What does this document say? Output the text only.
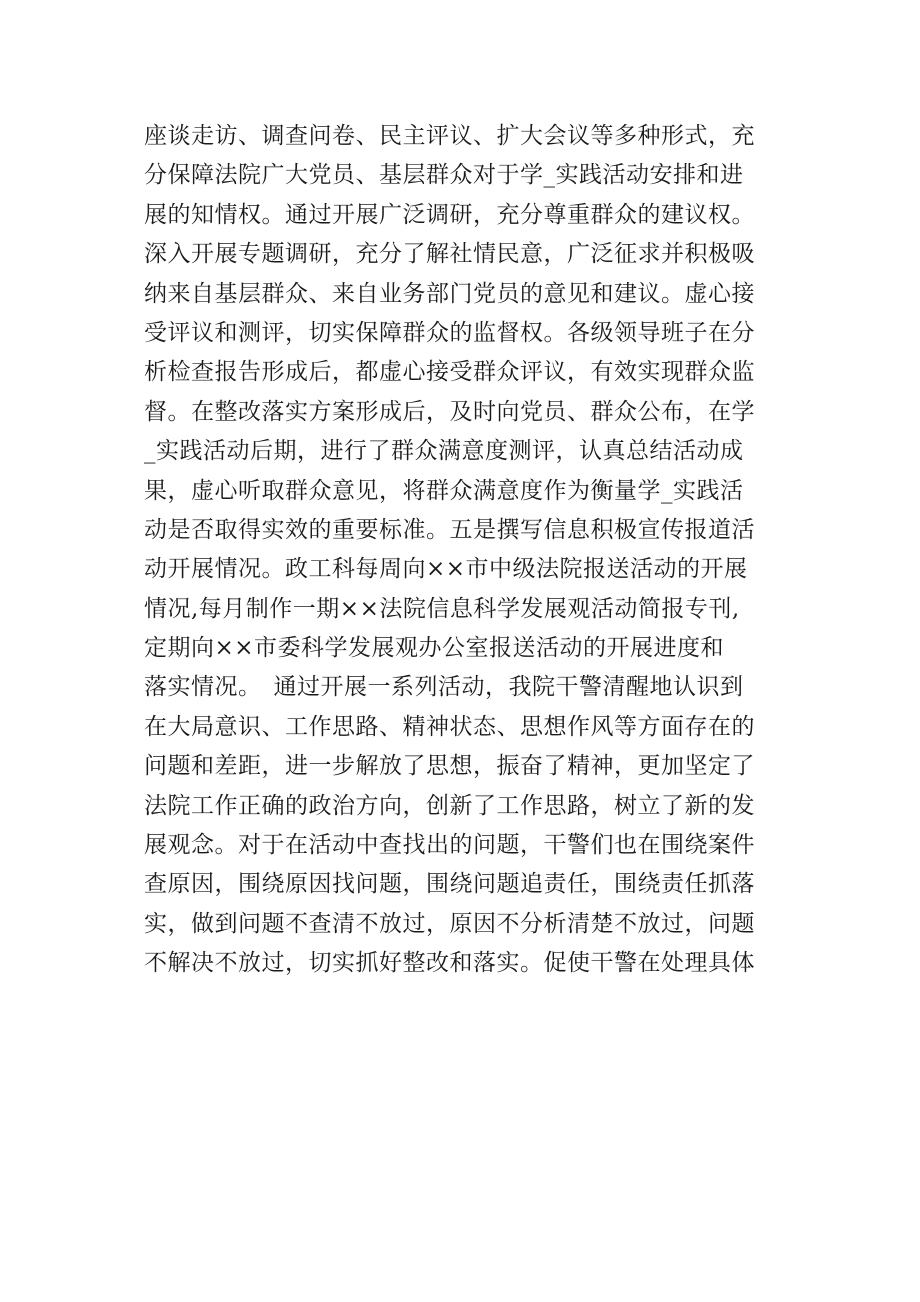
座谈走访、调查问卷、民主评议、扩大会议等多种形式，充
分保障法院广大党员、基层群众对于学_实践活动安排和进
展的知情权。通过开展广泛调研，充分尊重群众的建议权。
深入开展专题调研，充分了解社情民意，广泛征求并积极吸
纳来自基层群众、来自业务部门党员的意见和建议。虚心接
受评议和测评，切实保障群众的监督权。各级领导班子在分
析检查报告形成后，都虚心接受群众评议，有效实现群众监
督。在整改落实方案形成后，及时向党员、群众公布，在学
_实践活动后期，进行了群众满意度测评，认真总结活动成
果，虚心听取群众意见，将群众满意度作为衡量学_实践活
动是否取得实效的重要标准。五是撰写信息积极宣传报道活
动开展情况。政工科每周向××市中级法院报送活动的开展
情况,每月制作一期××法院信息科学发展观活动简报专刊,
定期向××市委科学发展观办公室报送活动的开展进度和
落实情况。　通过开展一系列活动，我院干警清醒地认识到
在大局意识、工作思路、精神状态、思想作风等方面存在的
问题和差距，进一步解放了思想，振奋了精神，更加坚定了
法院工作正确的政治方向，创新了工作思路，树立了新的发
展观念。对于在活动中查找出的问题，干警们也在围绕案件
查原因，围绕原因找问题，围绕问题追责任，围绕责任抓落
实，做到问题不查清不放过，原因不分析清楚不放过，问题
不解决不放过，切实抓好整改和落实。促使干警在处理具体
